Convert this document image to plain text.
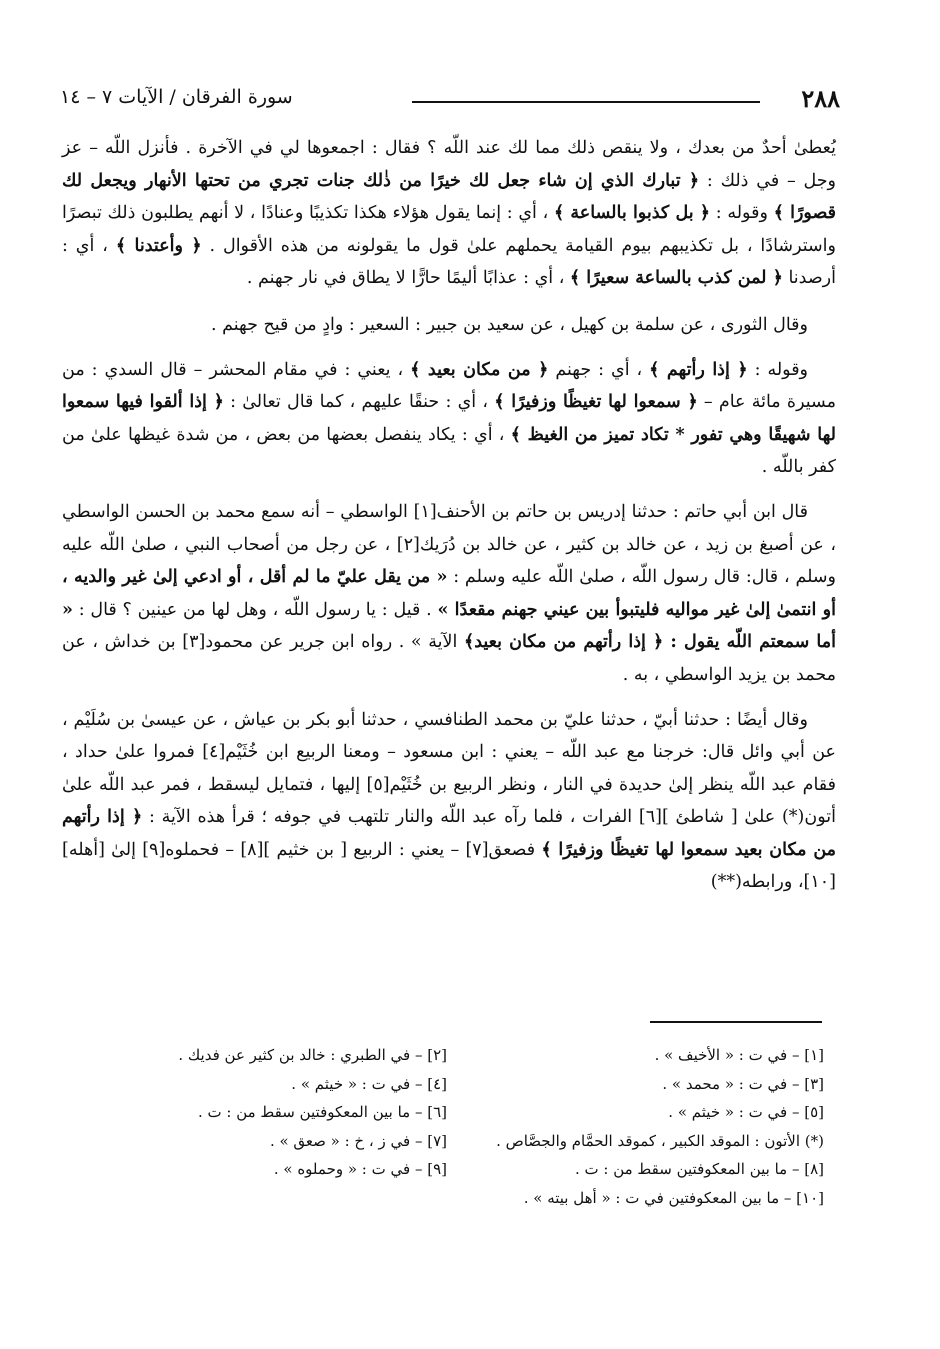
٢٨٨
سورة الفرقان / الآيات ٧ – ١٤

يُعطىٰ أحدٌ من بعدك ، ولا ينقص ذلك مما لك عند اللّه ؟ فقال : اجمعوها لي في الآخرة . فأنزل اللّه – عز وجل – في ذلك : ﴿ تبارك الذي إن شاء جعل لك خيرًا من ذٰلك جنات تجري من تحتها الأنهار ويجعل لك قصورًا ﴾ وقوله : ﴿ بل كذبوا بالساعة ﴾ ، أي : إنما يقول هؤلاء هكذا تكذيبًا وعنادًا ، لا أنهم يطلبون ذلك تبصرًا واسترشادًا ، بل تكذيبهم بيوم القيامة يحملهم علىٰ قول ما يقولونه من هذه الأقوال . ﴿ وأعتدنا ﴾ ، أي : أرصدنا ﴿ لمن كذب بالساعة سعيرًا ﴾ ، أي : عذابًا أليمًا حارًّا لا يطاق في نار جهنم .

وقال الثورى ، عن سلمة بن كهيل ، عن سعيد بن جبير : السعير : وادٍ من قيح جهنم .

وقوله : ﴿ إذا رأتهم ﴾ ، أي : جهنم ﴿ من مكان بعيد ﴾ ، يعني : في مقام المحشر – قال السدي : من مسيرة مائة عام – ﴿ سمعوا لها تغيظًا وزفيرًا ﴾ ، أي : حنقًا عليهم ، كما قال تعالىٰ : ﴿ إذا ألقوا فيها سمعوا لها شهيقًا وهي تفور * تكاد تميز من الغيظ ﴾ ، أي : يكاد ينفصل بعضها من بعض ، من شدة غيظها علىٰ من كفر باللّه .

قال ابن أبي حاتم : حدثنا إدريس بن حاتم بن الأحنف[١] الواسطي – أنه سمع محمد بن الحسن الواسطي ، عن أصبغ بن زيد ، عن خالد بن كثير ، عن خالد بن دُرَيك[٢] ، عن رجل من أصحاب النبي ، صلىٰ اللّه عليه وسلم ، قال: قال رسول اللّه ، صلىٰ اللّه عليه وسلم : « من يقل عليّ ما لم أقل ، أو ادعي إلىٰ غير والديه ، أو انتمىٰ إلىٰ غير مواليه فليتبوأ بين عيني جهنم مقعدًا » . قيل : يا رسول اللّه ، وهل لها من عينين ؟ قال : « أما سمعتم اللّه يقول : ﴿ إذا رأتهم من مكان بعيد﴾ الآية » . رواه ابن جرير عن محمود[٣] بن خداش ، عن محمد بن يزيد الواسطي ، به .

وقال أيضًا : حدثنا أبيّ ، حدثنا عليّ بن محمد الطنافسي ، حدثنا أبو بكر بن عياش ، عن عيسىٰ بن سُلَيْم ، عن أبي وائل قال: خرجنا مع عبد اللّه – يعني : ابن مسعود – ومعنا الربيع ابن خُثَيْم[٤] فمروا علىٰ حداد ، فقام عبد اللّه ينظر إلىٰ حديدة في النار ، ونظر الربيع بن خُثَيْم[٥] إليها ، فتمايل ليسقط ، فمر عبد اللّه علىٰ أتون(*) علىٰ [ شاطئ ][٦] الفرات ، فلما رآه عبد اللّه والنار تلتهب في جوفه ؛ قرأ هذه الآية : ﴿ إذا رأتهم من مكان بعيد سمعوا لها تغيظًا وزفيرًا ﴾ فصعق[٧] – يعني : الربيع [ بن خثيم ][٨] – فحملوه[٩] إلىٰ [أهله][١٠]، ورابطه(**)

[١] – في ت : « الأخيف » .
[٢] – في الطبري : خالد بن كثير عن فديك .
[٣] – في ت : « محمد » .
[٤] – في ت : « خيثم » .
[٥] – في ت : « خيثم » .
[٦] – ما بين المعكوفتين سقط من : ت .
(*) الأتون : الموقد الكبير ، كموقد الحمَّام والجصَّاص .
[٧] – في ز ، خ : « صعق » .
[٨] – ما بين المعكوفتين سقط من : ت .
[٩] – في ت : « وحملوه » .
[١٠] – ما بين المعكوفتين في ت : « أهل بيته » .
